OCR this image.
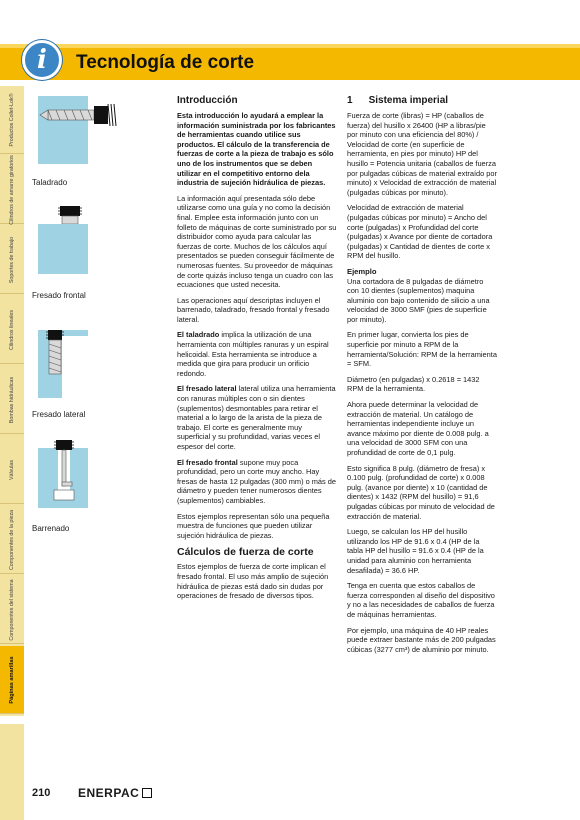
i	Tecnología de corte
Productos Collet-Lok®
Cilindros de amarre giratorios
Soportes de trabajo
Cilindros lineales
Bombas hidráulicas
Válvulas
Componentes de la pieza
Componentes del sistema
Páginas amarillas
Taladrado
Fresado frontal
Fresado lateral
Barrenado
Introducción

Esta introducción lo ayudará a emplear la información suministrada por los fabricantes de herramientas cuando utilice sus productos. El cálculo de la transferencia de fuerzas de corte a la pieza de trabajo es sólo uno de los instrumentos que se deben utilizar en el competitivo entorno dela industria de sujeción hidráulica de piezas.

La información aquí presentada sólo debe utilizarse como una guía y no como la decisión final. Emplee esta información junto con un folleto de máquinas de corte suministrado por su distribuidor como ayuda para calcular las fuerzas de corte. Muchos de los cálculos aquí presentados se pueden conseguir fácilmente de numerosas fuentes. Su proveedor de máquinas de corte quizás incluso tenga un cuadro con las ecuaciones que usted necesita.

Las operaciones aquí descriptas incluyen el barrenado, taladrado, fresado frontal y fresado lateral.

El taladrado implica la utilización de una herramienta con múltiples ranuras y un espiral helicoidal. Esta herramienta se introduce a medida que gira para producir un orificio redondo.

El fresado lateral lateral utiliza una herramienta con ranuras múltiples con o sin dientes (suplementos) desmontables para retirar el material a lo largo de la arista de la pieza de trabajo. El corte es generalmente muy superficial y su profundidad, varias veces el espesor del corte.

El fresado frontal supone muy poca profundidad, pero un corte muy ancho. Hay fresas de hasta 12 pulgadas (300 mm) o más de diámetro y pueden tener numerosos dientes (suplementos) cambiables.

Estos ejemplos representan sólo una pequeña muestra de funciones que pueden utilizar sujeción hidráulica de piezas.

Cálculos de fuerza de corte

Estos ejemplos de fuerza de corte implican el fresado frontal. El uso más amplio de sujeción hidráulica de piezas está dado sin dudas por operaciones de fresado de diversos tipos.

1 Sistema imperial

Fuerza de corte (libras) = HP (caballos de fuerza) del husillo x 26400 (HP a libras/pie por minuto con una eficiencia del 80%) / Velocidad de corte (en superficie de herramienta, en pies por minuto) HP del husillo = Potencia unitaria (caballos de fuerza por pulgadas cúbicas de material extraído por minuto) x Velocidad de extracción de material (pulgadas cúbicas por minuto).

Velocidad de extracción de material (pulgadas cúbicas por minuto) = Ancho del corte (pulgadas) x Profundidad del corte (pulgadas) x Avance por diente de cortadora (pulgadas) x Cantidad de dientes de corte x RPM del husillo.

Ejemplo

Una cortadora de 8 pulgadas de diámetro con 10 dientes (suplementos) maquina aluminio con bajo contenido de silicio a una velocidad de 3000 SMF (pies de superficie por minuto).

En primer lugar, convierta los pies de superficie por minuto a RPM de la herramienta/Solución: RPM de la herramienta = SFM.

Diámetro (en pulgadas) x 0.2618 = 1432 RPM de la herramienta.

Ahora puede determinar la velocidad de extracción de material. Un catálogo de herramientas independiente incluye un avance máximo por diente de 0.008 pulg. a una velocidad de 3000 SFM con una profundidad de corte de 0,1 pulg.

Esto significa 8 pulg. (diámetro de fresa) x 0.100 pulg. (profundidad de corte) x 0.008 pulg. (avance por diente) x 10 (cantidad de dientes) x 1432 (RPM del husillo) = 91,6 pulgadas cúbicas por minuto de velocidad de extracción de material.

Luego, se calculan los HP del husillo utilizando los HP de 91.6 x 0.4 (HP de la tabla HP del husillo = 91.6 x 0.4 (HP de la unidad para aluminio con herramienta desafilada) = 36.6 HP.

Tenga en cuenta que estos caballos de fuerza corresponden al diseño del dispositivo y no a las necesidades de caballos de fuerza de máquinas herramientas.

Por ejemplo, una máquina de 40 HP reales puede extraer bastante más de 200 pulgadas cúbicas (3277 cm³) de aluminio por minuto.

210 ENERPAC
